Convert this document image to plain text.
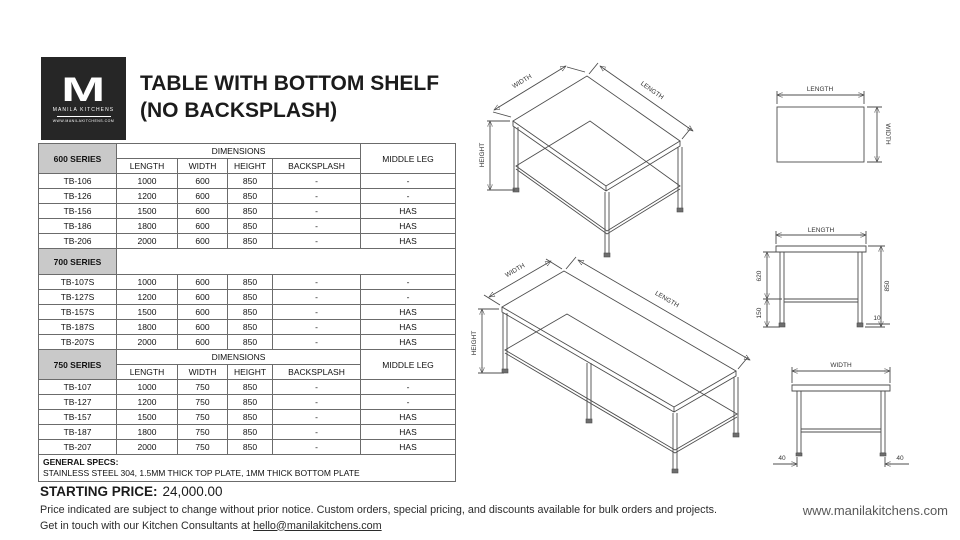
M
MANILA KITCHENS
WWW.MANILAKITCHENS.COM
TABLE WITH BOTTOM SHELF
(NO BACKSPLASH)
600 SERIES	DIMENSIONS				MIDDLE LEG
	LENGTH	WIDTH	HEIGHT	BACKSPLASH	
TB-106	1000	600	850	-	-
TB-126	1200	600	850	-	-
TB-156	1500	600	850	-	HAS
TB-186	1800	600	850	-	HAS
TB-206	2000	600	850	-	HAS
700 SERIES					
TB-107S	1000	600	850	-	-
TB-127S	1200	600	850	-	-
TB-157S	1500	600	850	-	HAS
TB-187S	1800	600	850	-	HAS
TB-207S	2000	600	850	-	HAS
750 SERIES	DIMENSIONS				MIDDLE LEG
	LENGTH	WIDTH	HEIGHT	BACKSPLASH	
TB-107	1000	750	850	-	-
TB-127	1200	750	850	-	-
TB-157	1500	750	850	-	HAS
TB-187	1800	750	850	-	HAS
TB-207	2000	750	850	-	HAS

GENERAL SPECS:
STAINLESS STEEL 304, 1.5MM THICK TOP PLATE, 1MM THICK BOTTOM PLATE					
STARTING PRICE: 24,000.00
Price indicated are subject to change without prior notice. Custom orders, special pricing, and discounts available for bulk orders and projects.
Get in touch with our Kitchen Consultants at hello@manilakitchens.com
www.manilakitchens.com
WIDTH	LENGTH
HEIGHT
WIDTH
LENGTH
HEIGHT
LENGTH
WIDTH
LENGTH
620
150
850
10
WIDTH
40	40
